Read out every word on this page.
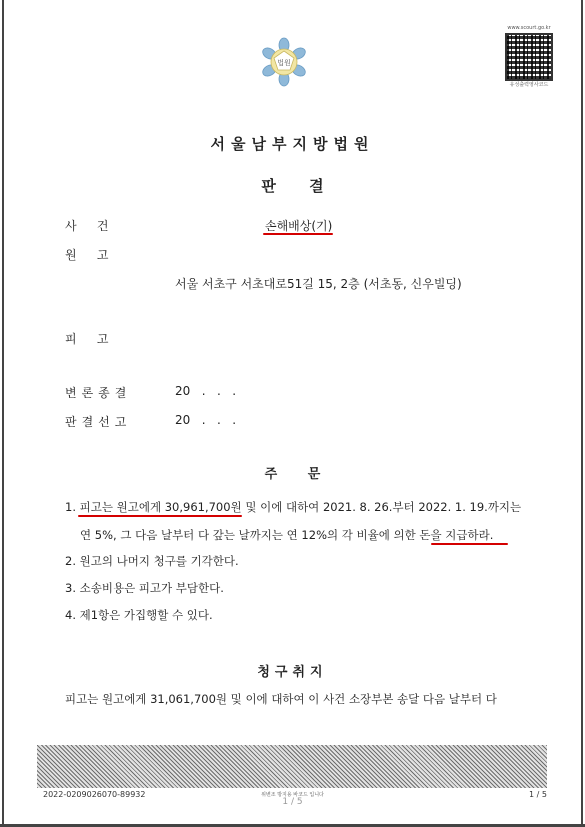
법원
www.scourt.go.kr
유성출력영사코드
서울남부지방법원
판 결
사    건	손해배상(기)
원    고
서울 서초구 서초대로51길 15, 2층 (서초동, 신우빌딩)
피    고
변론종결	20   .   .   .
판결선고	20   .   .   .
주 문
1. 피고는 원고에게 30,961,700원 및 이에 대하여 2021. 8. 26.부터 2022. 1. 19.까지는
연 5%, 그 다음 날부터 다 갚는 날까지는 연 12%의 각 비율에 의한 돈을 지급하라.
2. 원고의 나머지 청구를 기각한다.
3. 소송비용은 피고가 부담한다.
4. 제1항은 가집행할 수 있다.
청구취지
피고는 원고에게 31,061,700원 및 이에 대하여 이 사건 소장부본 송달 다음 날부터 다
2022-0209026070-89932	위변조 방지용 바코드 입니다
1 / 5
1 / 5
